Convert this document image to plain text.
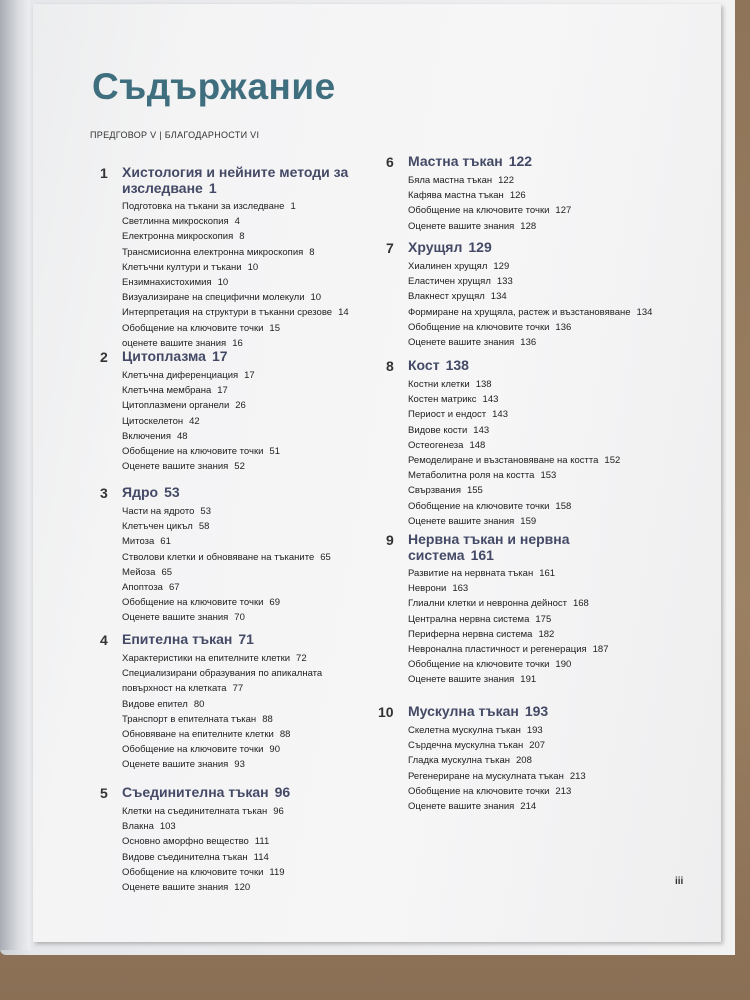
Съдържание
ПРЕДГОВОР V | БЛАГОДАРНОСТИ VI
1	Хистология и нейните методи за изследване 1
Подготовка на тъкани за изследване 1
Светлинна микроскопия 4
Електронна микроскопия 8
Трансмисионна електронна микроскопия 8
Клетъчни култури и тъкани 10
Ензимнахистохимия 10
Визуализиране на специфични молекули 10
Интерпретация на структури в тъканни срезове 14
Обобщение на ключовите точки 15
оценете вашите знания 16
2	Цитоплазма 17
Клетъчна диференциация 17
Клетъчна мембрана 17
Цитоплазмени органели 26
Цитоскелетон 42
Включения 48
Обобщение на ключовите точки 51
Оценете вашите знания 52
3	Ядро 53
Части на ядрото 53
Клетъчен цикъл 58
Митоза 61
Стволови клетки и обновяване на тъканите 65
Мейоза 65
Апоптоза 67
Обобщение на ключовите точки 69
Оценете вашите знания 70
4	Епителна тъкан 71
Характеристики на епителните клетки 72
Специализирани образувания по апикалната
повърхност на клетката 77
Видове епител 80
Транспорт в епителната тъкан 88
Обновяване на епителните клетки 88
Обобщение на ключовите точки 90
Оценете вашите знания 93
5	Съединителна тъкан 96
Клетки на съединителната тъкан 96
Влакна 103
Основно аморфно вещество 111
Видове съединителна тъкан 114
Обобщение на ключовите точки 119
Оценете вашите знания 120
6	Мастна тъкан 122
Бяла мастна тъкан 122
Кафява мастна тъкан 126
Обобщение на ключовите точки 127
Оценете вашите знания 128
7	Хрущял 129
Хиалинен хрущял 129
Еластичен хрущял 133
Влакнест хрущял 134
Формиране на хрущяла, растеж и възстановяване 134
Обобщение на ключовите точки 136
Оценете вашите знания 136
8	Кост 138
Костни клетки 138
Костен матрикс 143
Периост и ендост 143
Видове кости 143
Остеогенеза 148
Ремоделиране и възстановяване на костта 152
Метаболитна роля на костта 153
Свързвания 155
Обобщение на ключовите точки 158
Оценете вашите знания 159
9	Нервна тъкан и нервна система 161
Развитие на нервната тъкан 161
Неврони 163
Глиални клетки и невронна дейност 168
Централна нервна система 175
Периферна нервна система 182
Невронална пластичност и регенерация 187
Обобщение на ключовите точки 190
Оценете вашите знания 191
10	Мускулна тъкан 193
Скелетна мускулна тъкан 193
Сърдечна мускулна тъкан 207
Гладка мускулна тъкан 208
Регенериране на мускулната тъкан 213
Обобщение на ключовите точки 213
Оценете вашите знания 214
iii
